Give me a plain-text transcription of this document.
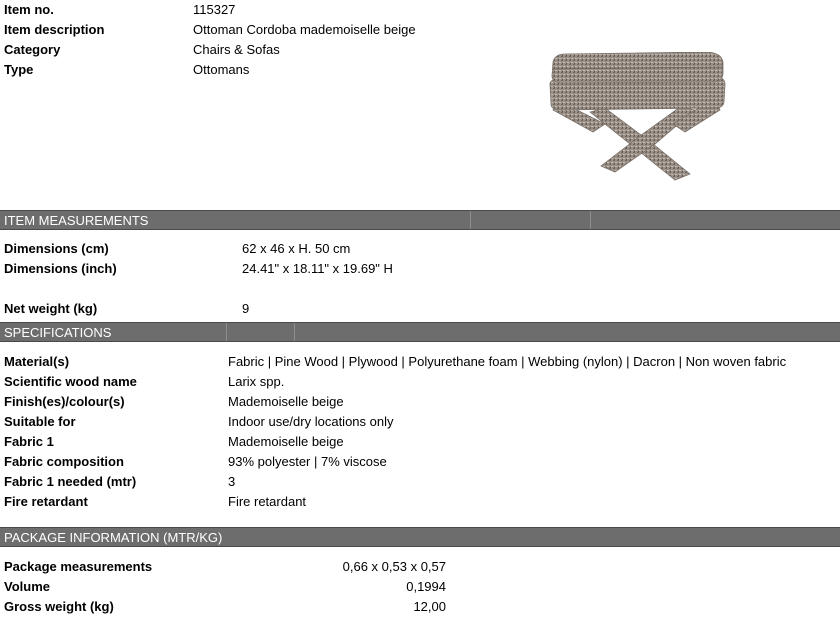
Item no.	115327
Item description	Ottoman Cordoba mademoiselle beige
Category	Chairs & Sofas
Type	Ottomans
ITEM MEASUREMENTS
Dimensions (cm)	62 x 46 x H. 50 cm
Dimensions (inch)	24.41" x 18.11" x 19.69" H
Net weight (kg)	9
SPECIFICATIONS
Material(s)	Fabric | Pine Wood | Plywood | Polyurethane foam | Webbing (nylon) | Dacron | Non woven fabric
Scientific wood name	Larix spp.
Finish(es)/colour(s)	Mademoiselle beige
Suitable for	Indoor use/dry locations only
Fabric 1	Mademoiselle beige
Fabric composition	93% polyester | 7% viscose
Fabric 1 needed (mtr)	3
Fire retardant	Fire retardant
PACKAGE INFORMATION (MTR/KG)
Package measurements	0,66 x 0,53 x 0,57
Volume	0,1994
Gross weight (kg)	12,00
